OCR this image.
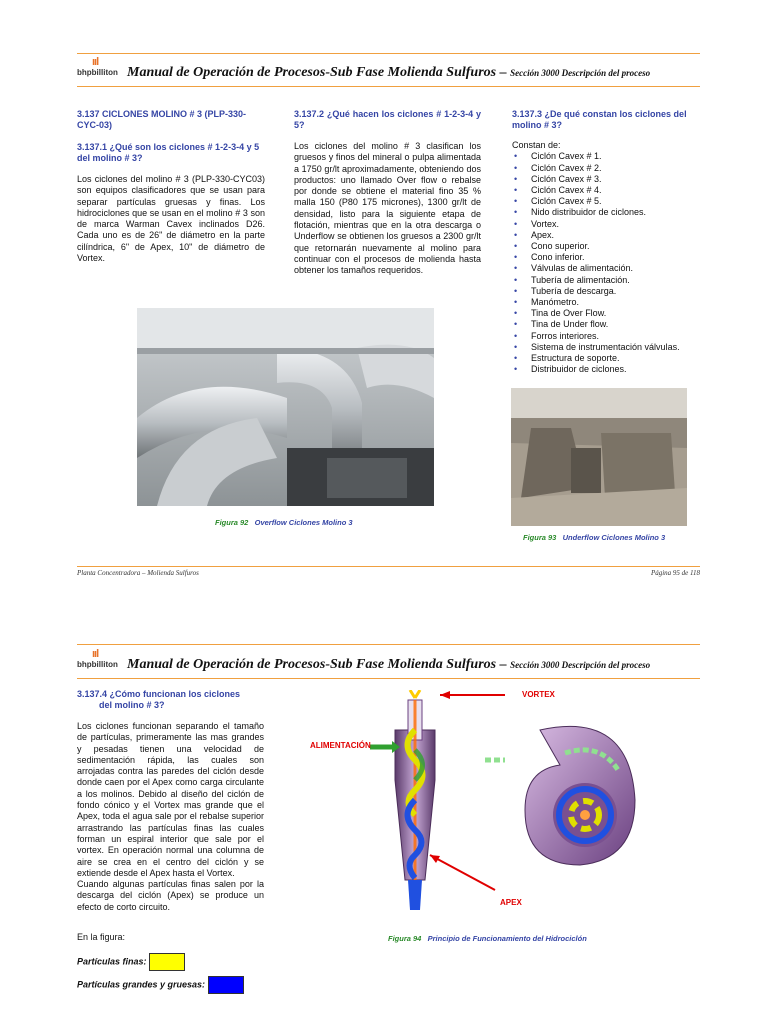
ııl
bhpbilliton Manual de Operación de Procesos-Sub Fase Molienda Sulfuros – Sección 3000 Descripción del proceso
3.137 CICLONES MOLINO # 3 (PLP-330-CYC-03)
3.137.1 ¿Qué son los ciclones # 1-2-3-4 y 5 del molino # 3?
Los ciclones del molino # 3 (PLP-330-CYC03) son equipos clasificadores que se usan para separar partículas gruesas y finas. Los hidrociclones que se usan en el molino # 3 son de marca Warman Cavex inclinados D26. Cada uno es de 26" de diámetro en la parte cilíndrica, 6" de Apex, 10" de diámetro de Vortex.
3.137.2 ¿Qué hacen los ciclones # 1-2-3-4 y 5?
Los ciclones del molino # 3 clasifican los gruesos y finos del mineral o pulpa alimentada a 1750 gr/lt aproximadamente, obteniendo dos productos: uno llamado Over flow o rebalse por donde se obtiene el material fino 35 % malla 150 (P80 175 micrones), 1300 gr/lt de densidad, listo para la siguiente etapa de flotación, mientras que en la otra descarga o Underflow se obtienen los gruesos a 2300 gr/lt que retornarán nuevamente al molino para continuar con el procesos de molienda hasta obtener los tamaños requeridos.
3.137.3 ¿De qué constan los ciclones del molino # 3?
Constan de:
• Ciclón Cavex # 1.
• Ciclón Cavex # 2.
• Ciclón Cavex # 3.
• Ciclón Cavex # 4.
• Ciclón Cavex # 5.
• Nido distribuidor de ciclones.
• Vortex.
• Apex.
• Cono superior.
• Cono inferior.
• Válvulas de alimentación.
• Tubería de alimentación.
• Tubería de descarga.
• Manómetro.
• Tina de Over Flow.
• Tina de Under flow.
• Forros interiores.
• Sistema de instrumentación válvulas.
• Estructura de soporte.
• Distribuidor de ciclones.
Figura 92 Overflow Ciclones Molino 3
Figura 93 Underflow Ciclones Molino 3
Planta Concentradora – Molienda Sulfuros	Página 95 de 118
ııl
bhpbilliton Manual de Operación de Procesos-Sub Fase Molienda Sulfuros – Sección 3000 Descripción del proceso
3.137.4 ¿Cómo funcionan los ciclones
del molino # 3?
Los ciclones funcionan separando el tamaño de partículas, primeramente las mas grandes y pesadas tienen una velocidad de sedimentación rápida, las cuales son arrojadas contra las paredes del ciclón desde donde caen por el Apex como carga circulante a los molinos. Debido al diseño del ciclón de fondo cónico y el Vortex mas grande que el Apex, toda el agua sale por el rebalse superior arrastrando las partículas finas las cuales forman un espiral interior que sale por el vortex. En operación normal una columna de aire se crea en el centro del ciclón y se extiende desde el Apex hasta el Vortex.
Cuando algunas partículas finas salen por la descarga del ciclón (Apex) se produce un efecto de corto circuito.
En la figura:
Partículas finas:
Partículas grandes y gruesas:
VORTEX
ALIMENTACIÓN
APEX
Figura 94 Principio de Funcionamiento del Hidrociclón
